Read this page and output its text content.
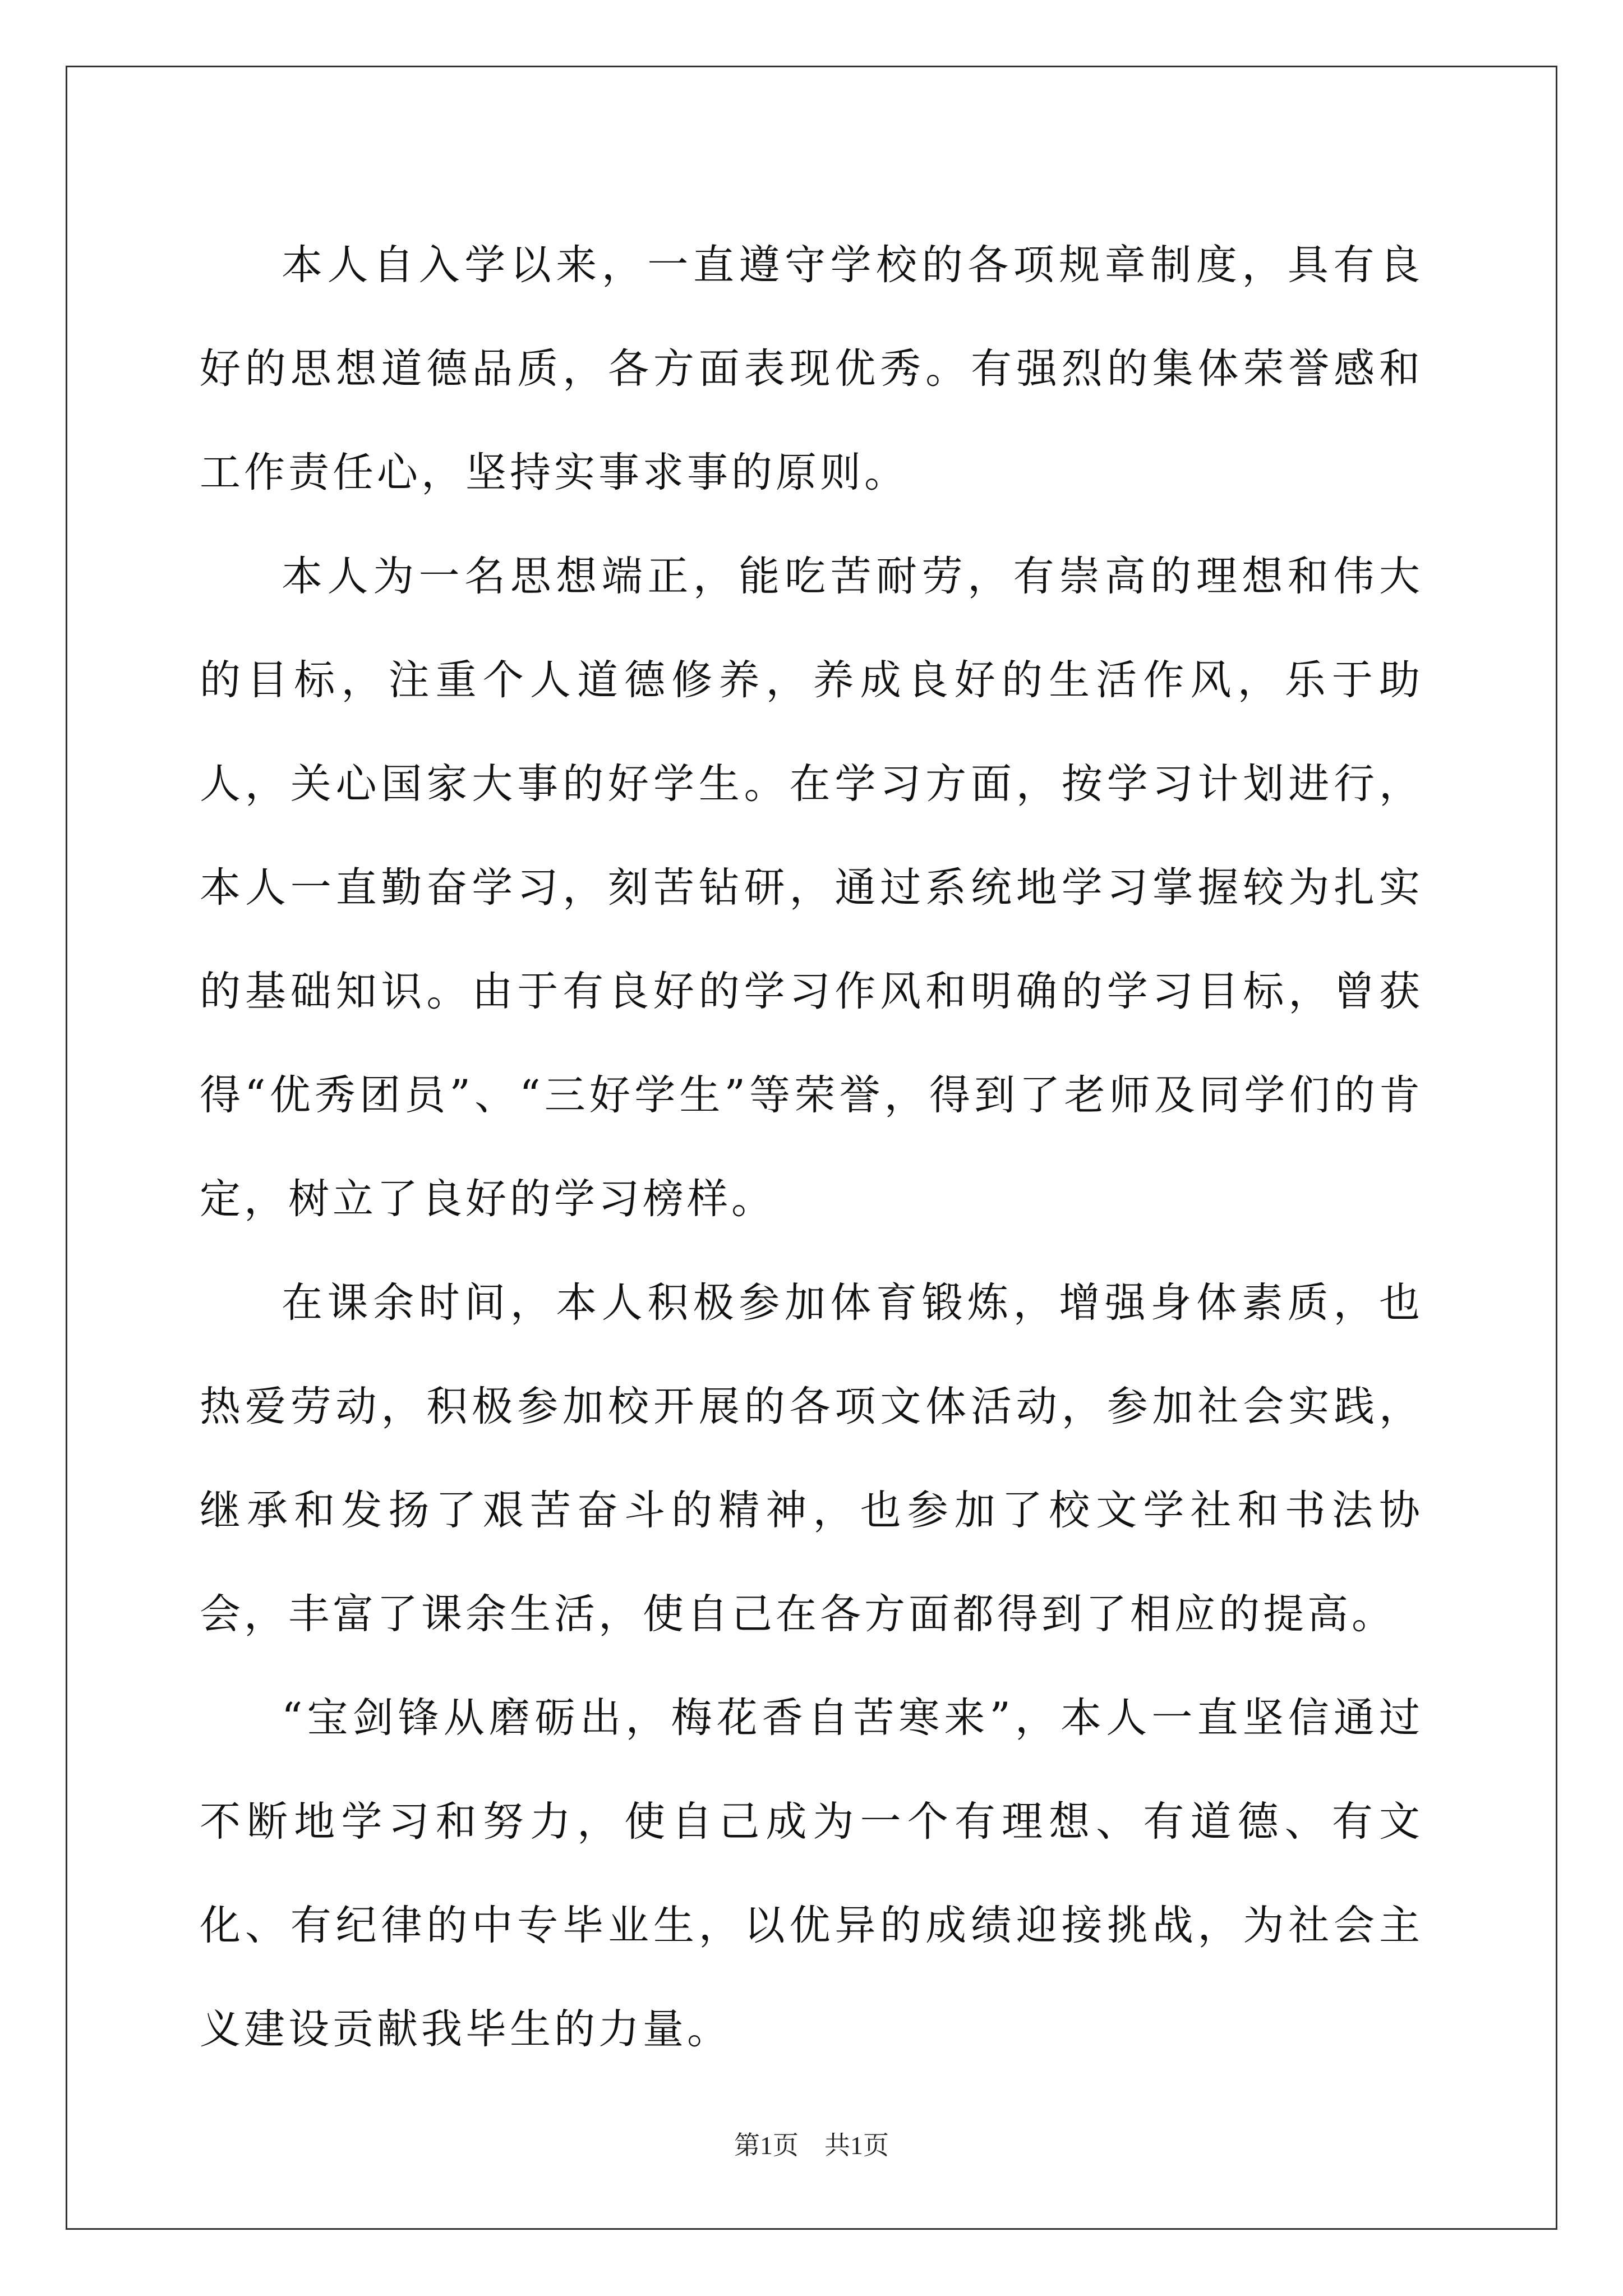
本人自入学以来，一直遵守学校的各项规章制度，具有良好的思想道德品质，各方面表现优秀。有强烈的集体荣誉感和工作责任心，坚持实事求事的原则。

本人为一名思想端正，能吃苦耐劳，有崇高的理想和伟大的目标，注重个人道德修养，养成良好的生活作风，乐于助人，关心国家大事的好学生。在学习方面，按学习计划进行，本人一直勤奋学习，刻苦钻研，通过系统地学习掌握较为扎实的基础知识。由于有良好的学习作风和明确的学习目标，曾获得“优秀团员”、“三好学生”等荣誉，得到了老师及同学们的肯定，树立了良好的学习榜样。

在课余时间，本人积极参加体育锻炼，增强身体素质，也热爱劳动，积极参加校开展的各项文体活动，参加社会实践，继承和发扬了艰苦奋斗的精神，也参加了校文学社和书法协会，丰富了课余生活，使自己在各方面都得到了相应的提高。

“宝剑锋从磨砺出，梅花香自苦寒来”，本人一直坚信通过不断地学习和努力，使自己成为一个有理想、有道德、有文化、有纪律的中专毕业生，以优异的成绩迎接挑战，为社会主义建设贡献我毕生的力量。

第1页　共1页
